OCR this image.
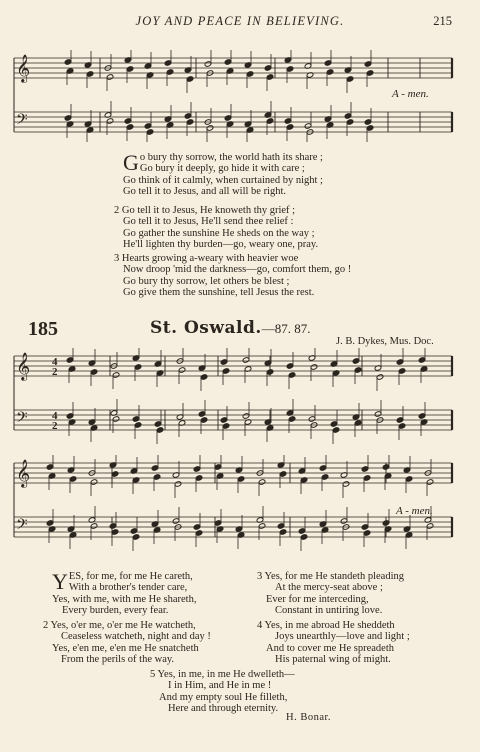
JOY AND PEACE IN BELIEVING.	215
𝄞
𝄢
A - men.
G o bury thy sorrow, the world hath its share ;
Go bury it deeply, go hide it with care ;
Go think of it calmly, when curtained by night ;
Go tell it to Jesus, and all will be right.
2 Go tell it to Jesus, He knoweth thy grief ;
Go tell it to Jesus, He'll send thee relief :
Go gather the sunshine He sheds on the way ;
He'll lighten thy burden—go, weary one, pray.
3 Hearts growing a-weary with heavier woe
Now droop 'mid the darkness—go, comfort them, go !
Go bury thy sorrow, let others be blest ;
Go give them the sunshine, tell Jesus the rest.
185	St. Oswald.—87. 87.
J. B. Dykes, Mus. Doc.
𝄞
𝄢
4
2
4
2
𝄞
𝄢
A - men.
Y ES, for me, for me He careth,
With a brother's tender care,
Yes, with me, with me He shareth,
Every burden, every fear.
2 Yes, o'er me, o'er me He watcheth,
Ceaseless watcheth, night and day !
Yes, e'en me, e'en me He snatcheth
From the perils of the way.
3 Yes, for me He standeth pleading
At the mercy-seat above ;
Ever for me interceding,
Constant in untiring love.
4 Yes, in me abroad He sheddeth
Joys unearthly—love and light ;
And to cover me He spreadeth
His paternal wing of might.
5 Yes, in me, in me He dwelleth—
I in Him, and He in me !
And my empty soul He filleth,
Here and through eternity.
H. Bonar.
